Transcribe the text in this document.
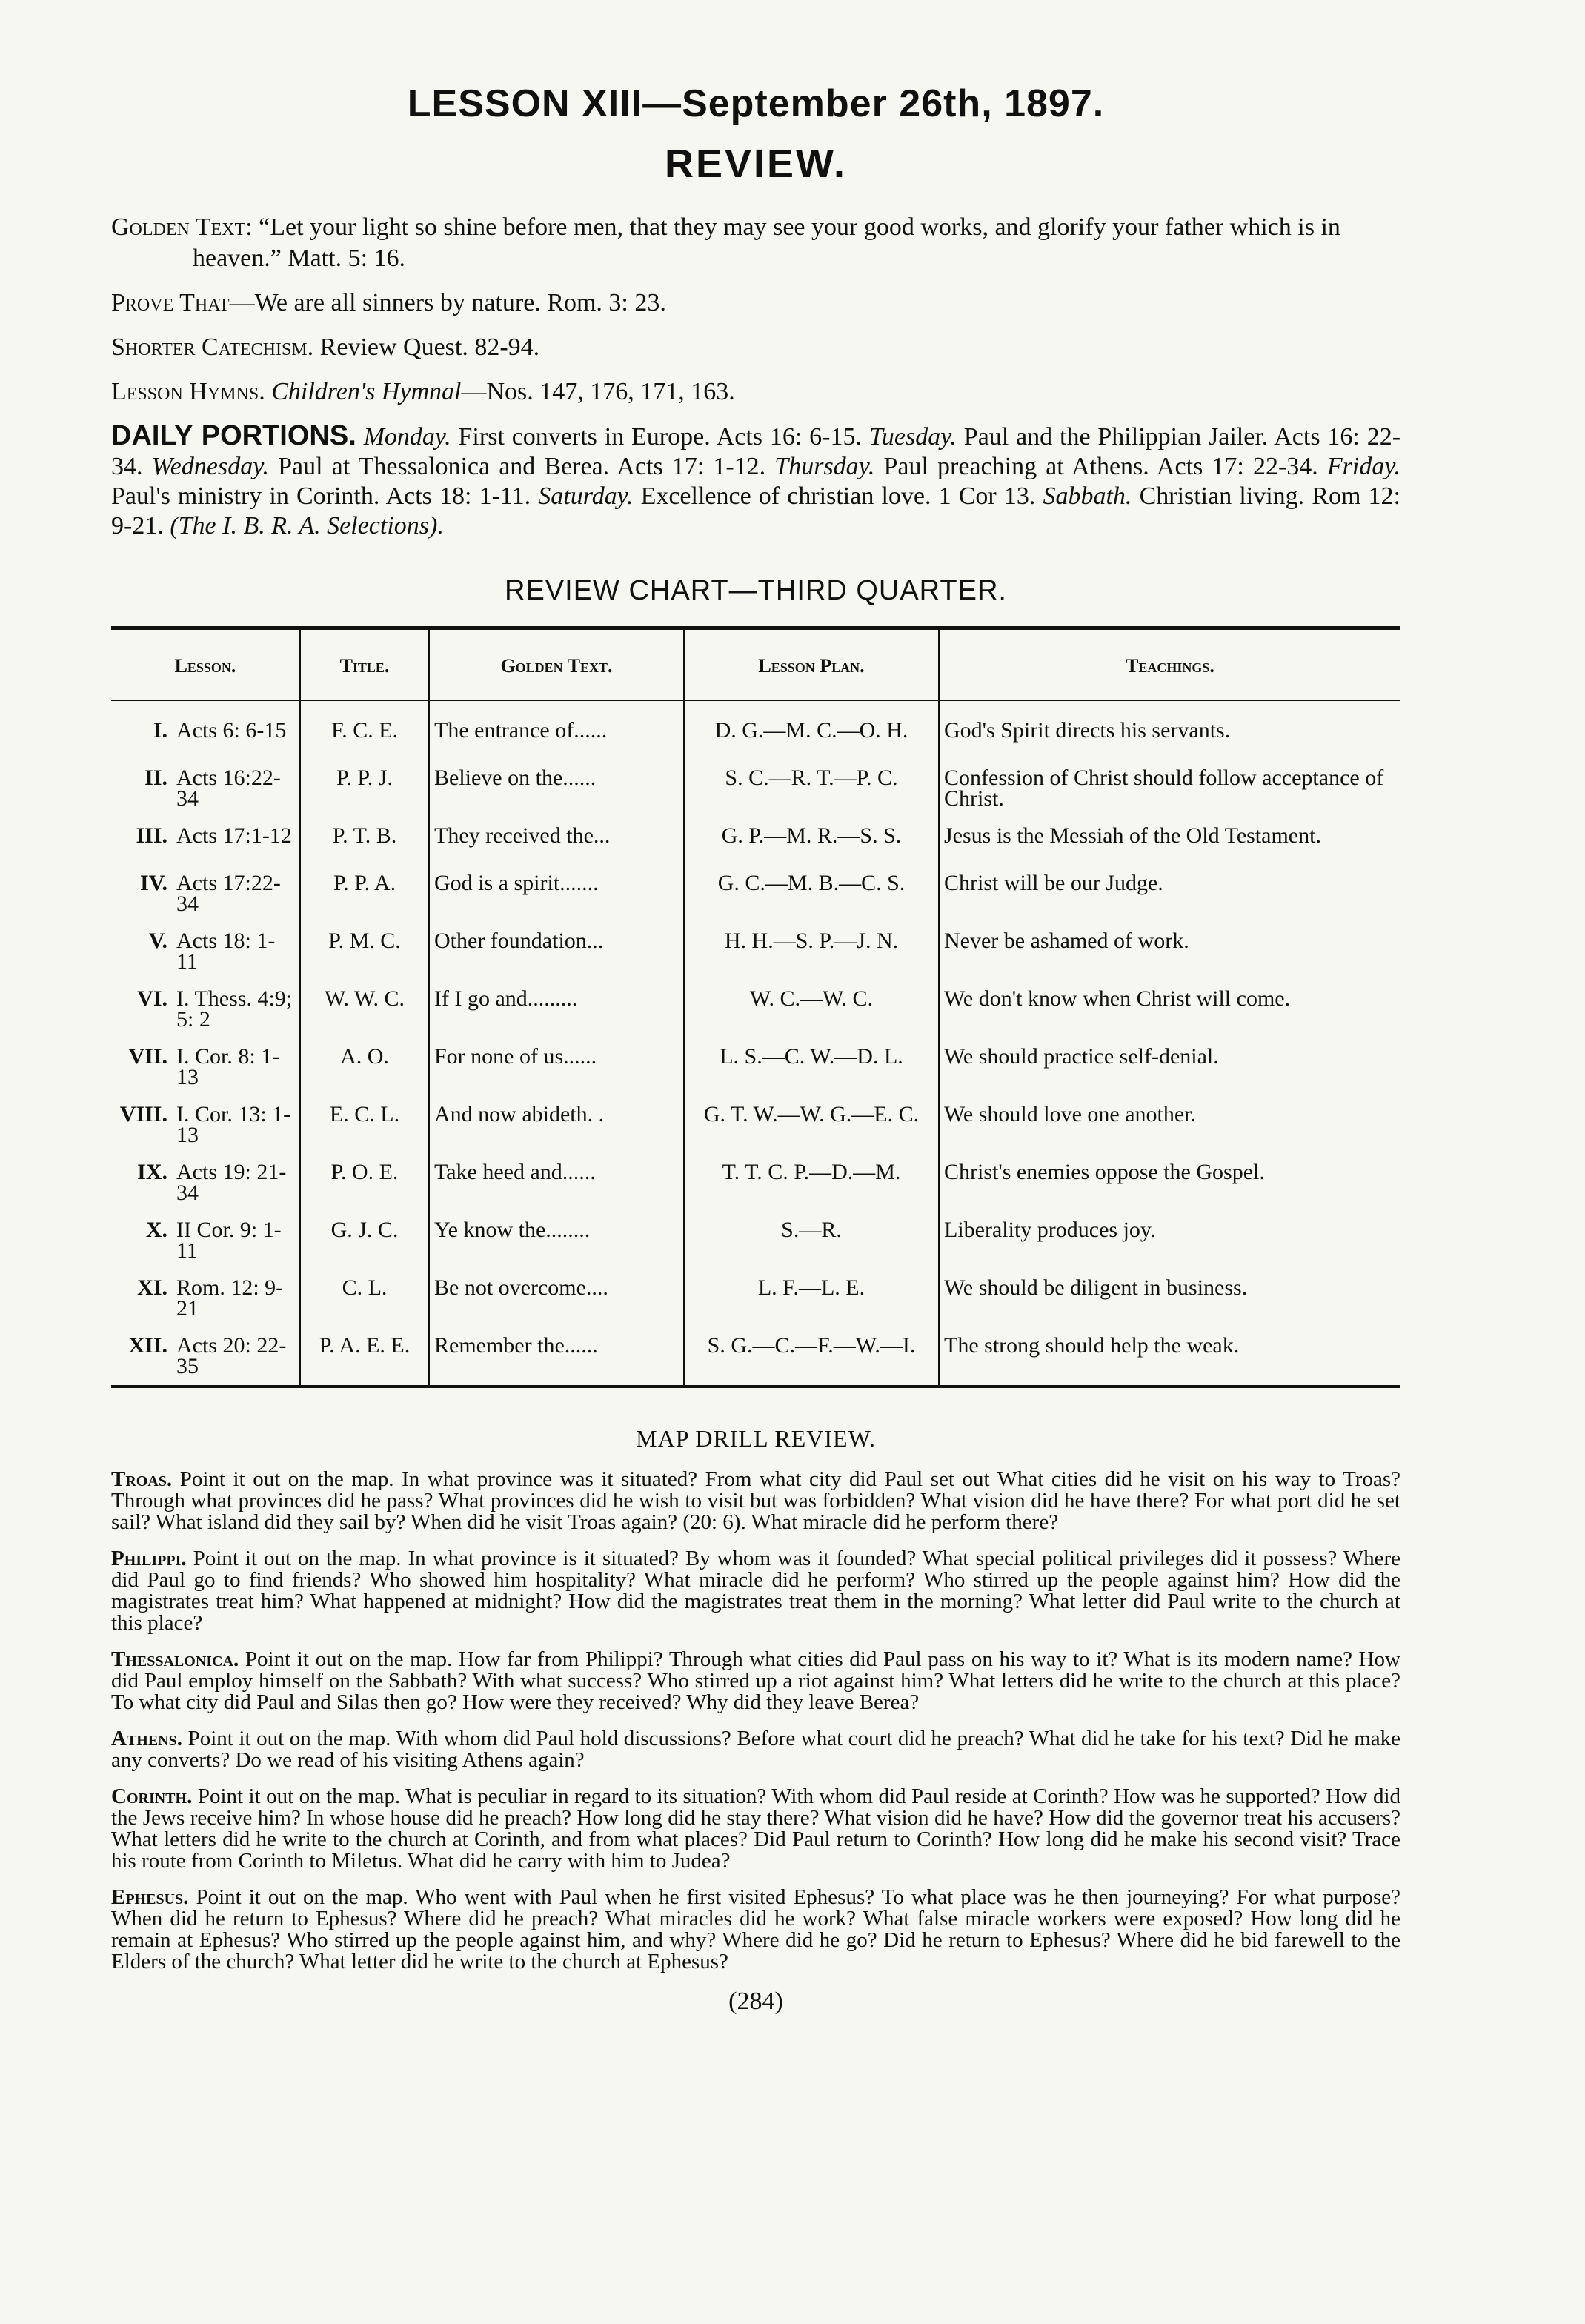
LESSON XIII—September 26th, 1897.
REVIEW.

Golden Text: “Let your light so shine before men, that they may see your good works, and glorify your father which is in heaven.” Matt. 5: 16.

Prove That—We are all sinners by nature. Rom. 3: 23.

Shorter Catechism. Review Quest. 82-94.

Lesson Hymns. Children's Hymnal—Nos. 147, 176, 171, 163.

DAILY PORTIONS. Monday. First converts in Europe. Acts 16: 6-15. Tuesday. Paul and the Philippian Jailer. Acts 16: 22-34. Wednesday. Paul at Thessalonica and Berea. Acts 17: 1-12. Thursday. Paul preaching at Athens. Acts 17: 22-34. Friday. Paul's ministry in Corinth. Acts 18: 1-11. Saturday. Excellence of christian love. 1 Cor 13. Sabbath. Christian living. Rom 12: 9-21. (The I. B. R. A. Selections).

REVIEW CHART—THIRD QUARTER.
Lesson.		Title.	Golden Text.	Lesson Plan.	Teachings.
I.	Acts 6: 6-15	F. C. E.	The entrance of......	D. G.—M. C.—O. H.	God's Spirit directs his servants.
II.	Acts 16:22-34	P. P. J.	Believe on the......	S. C.—R. T.—P. C.	Confession of Christ should follow acceptance of Christ.
III.	Acts 17:1-12	P. T. B.	They received the...	G. P.—M. R.—S. S.	Jesus is the Messiah of the Old Testament.
IV.	Acts 17:22-34	P. P. A.	God is a spirit.......	G. C.—M. B.—C. S.	Christ will be our Judge.
V.	Acts 18: 1-11	P. M. C.	Other foundation...	H. H.—S. P.—J. N.	Never be ashamed of work.
VI.	I. Thess. 4:9; 5: 2	W. W. C.	If I go and.........	W. C.—W. C.	We don't know when Christ will come.
VII.	I. Cor. 8: 1-13	A. O.	For none of us......	L. S.—C. W.—D. L.	We should practice self-denial.
VIII.	I. Cor. 13: 1-13	E. C. L.	And now abideth. .	G. T. W.—W. G.—E. C.	We should love one another.
IX.	Acts 19: 21-34	P. O. E.	Take heed and......	T. T. C. P.—D.—M.	Christ's enemies oppose the Gospel.
X.	II Cor. 9: 1-11	G. J. C.	Ye know the........	S.—R.	Liberality produces joy.
XI.	Rom. 12: 9-21	C. L.	Be not overcome....	L. F.—L. E.	We should be diligent in business.
XII.	Acts 20: 22-35	P. A. E. E.	Remember the......	S. G.—C.—F.—W.—I.	The strong should help the weak.
MAP DRILL REVIEW.

Troas. Point it out on the map. In what province was it situated? From what city did Paul set out What cities did he visit on his way to Troas? Through what provinces did he pass? What provinces did he wish to visit but was forbidden? What vision did he have there? For what port did he set sail? What island did they sail by? When did he visit Troas again? (20: 6). What miracle did he perform there?

Philippi. Point it out on the map. In what province is it situated? By whom was it founded? What special political privileges did it possess? Where did Paul go to find friends? Who showed him hospitality? What miracle did he perform? Who stirred up the people against him? How did the magistrates treat him? What happened at midnight? How did the magistrates treat them in the morning? What letter did Paul write to the church at this place?

Thessalonica. Point it out on the map. How far from Philippi? Through what cities did Paul pass on his way to it? What is its modern name? How did Paul employ himself on the Sabbath? With what success? Who stirred up a riot against him? What letters did he write to the church at this place? To what city did Paul and Silas then go? How were they received? Why did they leave Berea?

Athens. Point it out on the map. With whom did Paul hold discussions? Before what court did he preach? What did he take for his text? Did he make any converts? Do we read of his visiting Athens again?

Corinth. Point it out on the map. What is peculiar in regard to its situation? With whom did Paul reside at Corinth? How was he supported? How did the Jews receive him? In whose house did he preach? How long did he stay there? What vision did he have? How did the governor treat his accusers? What letters did he write to the church at Corinth, and from what places? Did Paul return to Corinth? How long did he make his second visit? Trace his route from Corinth to Miletus. What did he carry with him to Judea?

Ephesus. Point it out on the map. Who went with Paul when he first visited Ephesus? To what place was he then journeying? For what purpose? When did he return to Ephesus? Where did he preach? What miracles did he work? What false miracle workers were exposed? How long did he remain at Ephesus? Who stirred up the people against him, and why? Where did he go? Did he return to Ephesus? Where did he bid farewell to the Elders of the church? What letter did he write to the church at Ephesus?

(284)
